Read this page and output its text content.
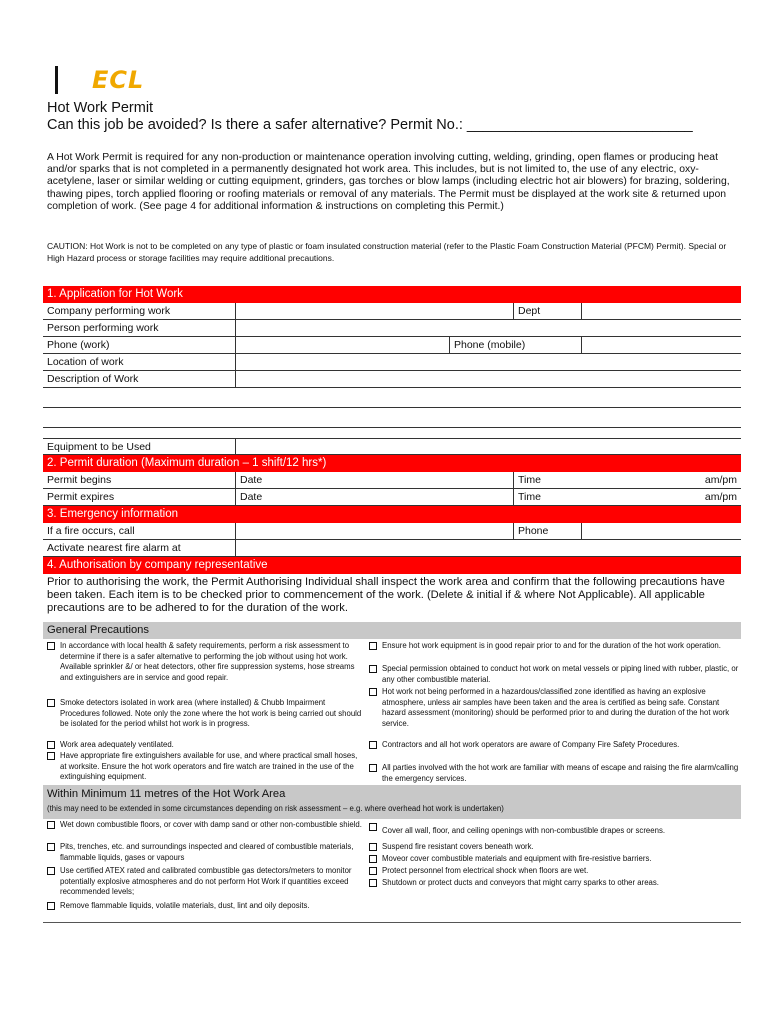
ECL
Hot Work Permit
Can this job be avoided? Is there a safer alternative? Permit No.: ____________________________
A Hot Work Permit is required for any non-production or maintenance operation involving cutting, welding, grinding, open flames or producing heat and/or sparks that is not completed in a permanently designated hot work area. This includes, but is not limited to, the use of any electric, oxy-acetylene, laser or similar welding or cutting equipment, grinders, gas torches or blow lamps (including electric hot air blowers) for brazing, soldering, thawing pipes, torch applied flooring or roofing materials or removal of any materials. The Permit must be displayed at the work site & returned upon completion of work. (See page 4 for additional information & instructions on completing this Permit.)
CAUTION: Hot Work is not to be completed on any type of plastic or foam insulated construction material (refer to the Plastic Foam Construction Material (PFCM) Permit). Special or High Hazard process or storage facilities may require additional precautions.
1. Application for Hot Work
Company performing work	Dept
Person performing work
Phone (work)	Phone (mobile)
Location of work
Description of Work
Equipment to be Used
2. Permit duration (Maximum duration – 1 shift/12 hrs*)
Permit begins	Date	Time	am/pm
Permit expires	Date	Time	am/pm
3. Emergency information
If a fire occurs, call	Phone
Activate nearest fire alarm at
4. Authorisation by company representative
Prior to authorising the work, the Permit Authorising Individual shall inspect the work area and confirm that the following precautions have been taken. Each item is to be checked prior to commencement of the work. (Delete & initial if & where Not Applicable). All applicable precautions are to be adhered to for the duration of the work.
General Precautions
In accordance with local health & safety requirements, perform a risk assessment to determine if there is a safer alternative to performing the job without using hot work. Available sprinkler &/ or heat detectors, other fire suppression systems, hose streams and extinguishers are in service and good repair.
Smoke detectors isolated in work area (where installed) & Chubb Impairment Procedures followed. Note only the zone where the hot work is being carried out should be isolated for the period whilst hot work is in progress.
Work area adequately ventilated.
Have appropriate fire extinguishers available for use, and where practical small hoses, at worksite. Ensure the hot work operators and fire watch are trained in the use of the extinguishing equipment.
Ensure hot work equipment is in good repair prior to and for the duration of the hot work operation.
Special permission obtained to conduct hot work on metal vessels or piping lined with rubber, plastic, or any other combustible material.
Hot work not being performed in a hazardous/classified zone identified as having an explosive atmosphere, unless air samples have been taken and the area is certified as being safe. Constant hazard assessment (monitoring) should be performed prior to and during the duration of the hot work service.
Contractors and all hot work operators are aware of Company Fire Safety Procedures.
All parties involved with the hot work are familiar with means of escape and raising the fire alarm/calling the emergency services.
Within Minimum 11 metres of the Hot Work Area
(this may need to be extended in some circumstances depending on risk assessment – e.g. where overhead hot work is undertaken)
Wet down combustible floors, or cover with damp sand or other non-combustible shield.
Pits, trenches, etc. and surroundings inspected and cleared of combustible materials, flammable liquids, gases or vapours
Use certified ATEX rated and calibrated combustible gas detectors/meters to monitor potentially explosive atmospheres and do not perform Hot Work if quantities exceed recommended levels;
Remove flammable liquids, volatile materials, dust, lint and oily deposits.
Cover all wall, floor, and ceiling openings with non-combustible drapes or screens.
Suspend fire resistant covers beneath work.
Moveor cover combustible materials and equipment with fire-resistive barriers.
Protect personnel from electrical shock when floors are wet.
Shutdown or protect ducts and conveyors that might carry sparks to other areas.
